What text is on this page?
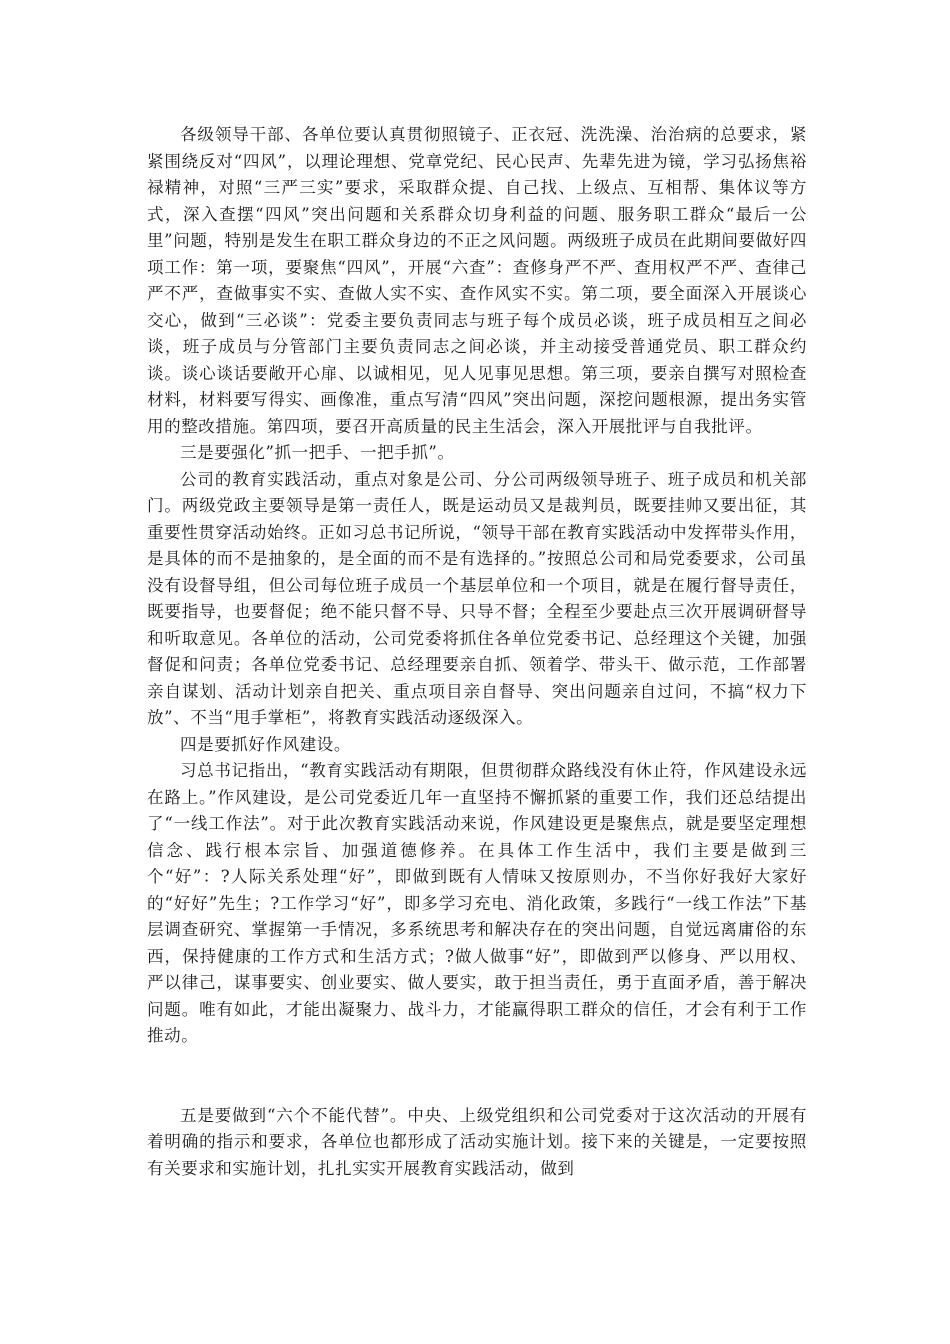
各级领导干部、各单位要认真贯彻照镜子、正衣冠、洗洗澡、治治病的总要求，紧紧围绕反对“四风”，以理论理想、党章党纪、民心民声、先辈先进为镜，学习弘扬焦裕禄精神，对照“三严三实”要求，采取群众提、自己找、上级点、互相帮、集体议等方式，深入查摆“四风”突出问题和关系群众切身利益的问题、服务职工群众“最后一公里”问题，特别是发生在职工群众身边的不正之风问题。两级班子成员在此期间要做好四项工作：第一项，要聚焦“四风”，开展“六查”：查修身严不严、查用权严不严、查律己严不严，查做事实不实、查做人实不实、查作风实不实。第二项，要全面深入开展谈心交心，做到“三必谈”：党委主要负责同志与班子每个成员必谈，班子成员相互之间必谈，班子成员与分管部门主要负责同志之间必谈，并主动接受普通党员、职工群众约谈。谈心谈话要敞开心扉、以诚相见，见人见事见思想。第三项，要亲自撰写对照检查材料，材料要写得实、画像准，重点写清“四风”突出问题，深挖问题根源，提出务实管用的整改措施。第四项，要召开高质量的民主生活会，深入开展批评与自我批评。

三是要强化”抓一把手、一把手抓”。

公司的教育实践活动，重点对象是公司、分公司两级领导班子、班子成员和机关部门。两级党政主要领导是第一责任人，既是运动员又是裁判员，既要挂帅又要出征，其重要性贯穿活动始终。正如习总书记所说，“领导干部在教育实践活动中发挥带头作用，是具体的而不是抽象的，是全面的而不是有选择的。”按照总公司和局党委要求，公司虽没有设督导组，但公司每位班子成员一个基层单位和一个项目，就是在履行督导责任，既要指导，也要督促；绝不能只督不导、只导不督；全程至少要赴点三次开展调研督导和听取意见。各单位的活动，公司党委将抓住各单位党委书记、总经理这个关键，加强督促和问责；各单位党委书记、总经理要亲自抓、领着学、带头干、做示范，工作部署亲自谋划、活动计划亲自把关、重点项目亲自督导、突出问题亲自过问，不搞“权力下放”、不当“甩手掌柜”，将教育实践活动逐级深入。

四是要抓好作风建设。

习总书记指出，“教育实践活动有期限，但贯彻群众路线没有休止符，作风建设永远在路上。”作风建设，是公司党委近几年一直坚持不懈抓紧的重要工作，我们还总结提出了“一线工作法”。对于此次教育实践活动来说，作风建设更是聚焦点，就是要坚定理想信念、践行根本宗旨、加强道德修养。在具体工作生活中，我们主要是做到三个“好”：?人际关系处理“好”，即做到既有人情味又按原则办，不当你好我好大家好的“好好”先生；?工作学习“好”，即多学习充电、消化政策，多践行“一线工作法”下基层调查研究、掌握第一手情况，多系统思考和解决存在的突出问题，自觉远离庸俗的东西，保持健康的工作方式和生活方式；?做人做事“好”，即做到严以修身、严以用权、严以律己，谋事要实、创业要实、做人要实，敢于担当责任，勇于直面矛盾，善于解决问题。唯有如此，才能出凝聚力、战斗力，才能赢得职工群众的信任，才会有利于工作推动。

五是要做到“六个不能代替”。中央、上级党组织和公司党委对于这次活动的开展有着明确的指示和要求，各单位也都形成了活动实施计划。接下来的关键是，一定要按照有关要求和实施计划，扎扎实实开展教育实践活动，做到
